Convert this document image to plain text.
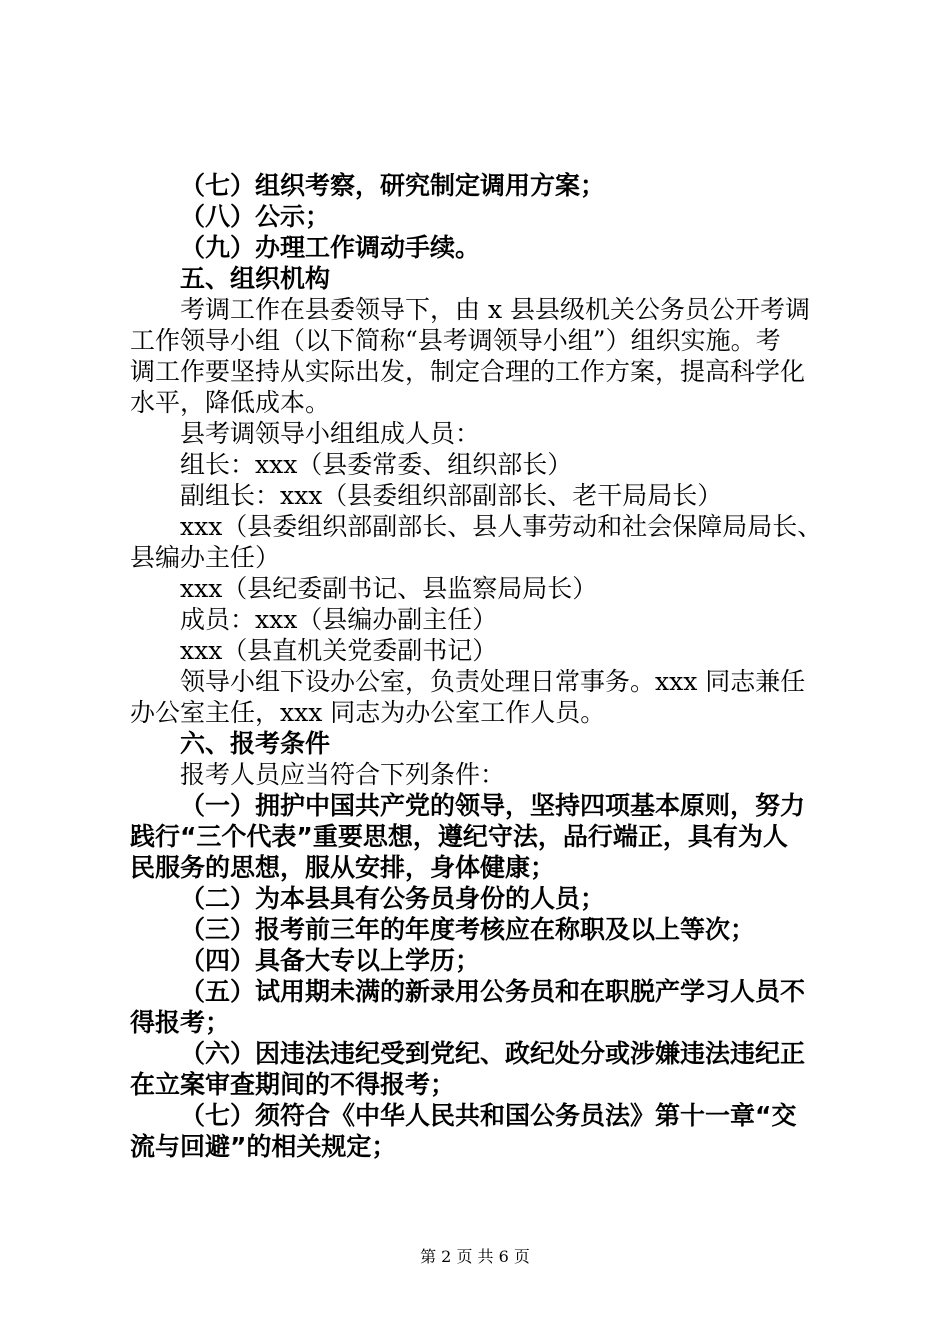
（七）组织考察，研究制定调用方案；
（八）公示；
（九）办理工作调动手续。
五、组织机构
考调工作在县委领导下，由 x 县县级机关公务员公开考调
工作领导小组（以下简称“县考调领导小组”）组织实施。考
调工作要坚持从实际出发，制定合理的工作方案，提高科学化
水平，降低成本。
县考调领导小组组成人员：
组长：xxx（县委常委、组织部长）
副组长：xxx（县委组织部副部长、老干局局长）
xxx（县委组织部副部长、县人事劳动和社会保障局局长、
县编办主任）
xxx（县纪委副书记、县监察局局长）
成员：xxx（县编办副主任）
xxx（县直机关党委副书记）
领导小组下设办公室，负责处理日常事务。xxx 同志兼任
办公室主任，xxx 同志为办公室工作人员。
六、报考条件
报考人员应当符合下列条件：
（一）拥护中国共产党的领导，坚持四项基本原则，努力
践行“三个代表”重要思想，遵纪守法，品行端正，具有为人
民服务的思想，服从安排，身体健康；
（二）为本县具有公务员身份的人员；
（三）报考前三年的年度考核应在称职及以上等次；
（四）具备大专以上学历；
（五）试用期未满的新录用公务员和在职脱产学习人员不
得报考；
（六）因违法违纪受到党纪、政纪处分或涉嫌违法违纪正
在立案审查期间的不得报考；
（七）须符合《中华人民共和国公务员法》第十一章“交
流与回避”的相关规定；
第 2 页 共 6 页
